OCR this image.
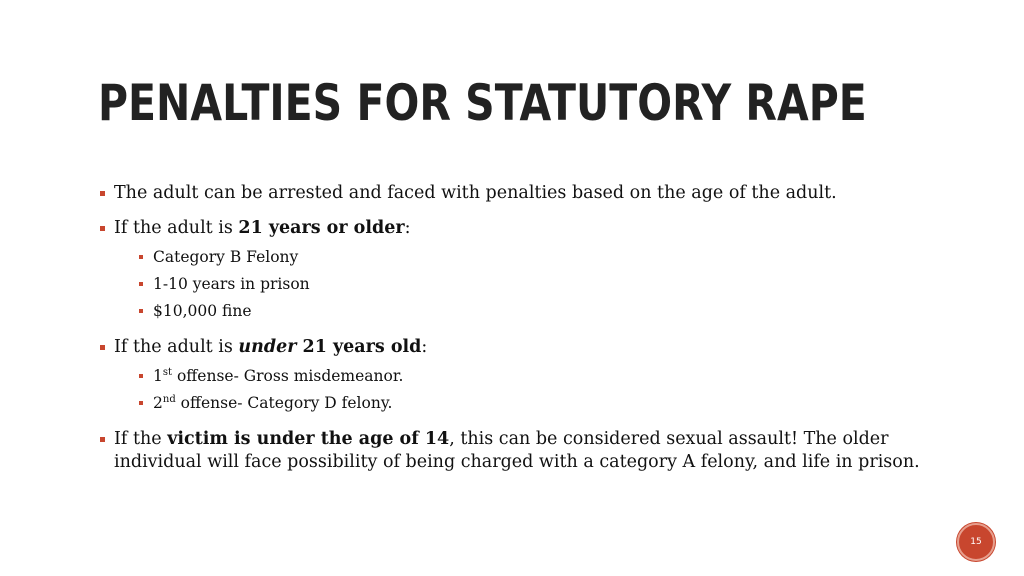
PENALTIES FOR STATUTORY RAPE
The adult can be arrested and faced with penalties based on the age of the adult.
If the adult is 21 years or older:
Category B Felony
1-10 years in prison
$10,000 fine
If the adult is under 21 years old:
1st offense- Gross misdemeanor.
2nd offense- Category D felony.
If the victim is under the age of 14, this can be considered sexual assault! The older individual will face possibility of being charged with a category A felony, and life in prison.
15
